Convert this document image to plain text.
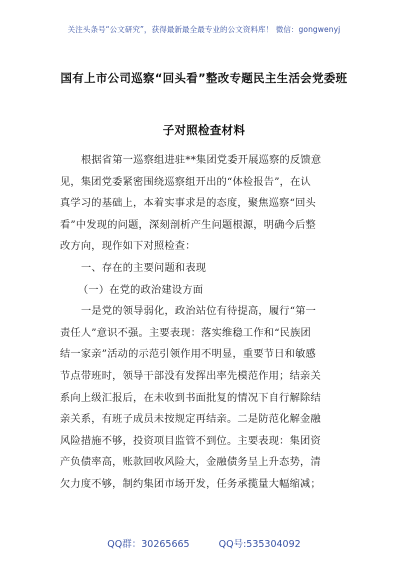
关注头条号“公文研究”，获得最新最全最专业的公文资料库！ 微信：gongwenyj
国有上市公司巡察“回头看”整改专题民主生活会党委班
子对照检查材料
根据省第一巡察组进驻**集团党委开展巡察的反馈意
见，集团党委紧密围绕巡察组开出的“体检报告”，在认
真学习的基础上，本着实事求是的态度，聚焦巡察“回头
看”中发现的问题，深刻剖析产生问题根源，明确今后整
改方向，现作如下对照检查：
一、存在的主要问题和表现
（一）在党的政治建设方面
一是党的领导弱化，政治站位有待提高，履行“第一
责任人”意识不强。主要表现：落实维稳工作和“民族团
结一家亲”活动的示范引领作用不明显，重要节日和敏感
节点带班时，领导干部没有发挥出率先模范作用；结亲关
系向上级汇报后，在未收到书面批复的情况下自行解除结
亲关系，有班子成员未按规定再结亲。二是防范化解金融
风险措施不够，投资项目监管不到位。主要表现：集团资
产负债率高，账款回收风险大，金融债务呈上升态势，清
欠力度不够，制约集团市场开发，任务承揽量大幅缩减；
QQ群：30265665	QQ号:535304092
